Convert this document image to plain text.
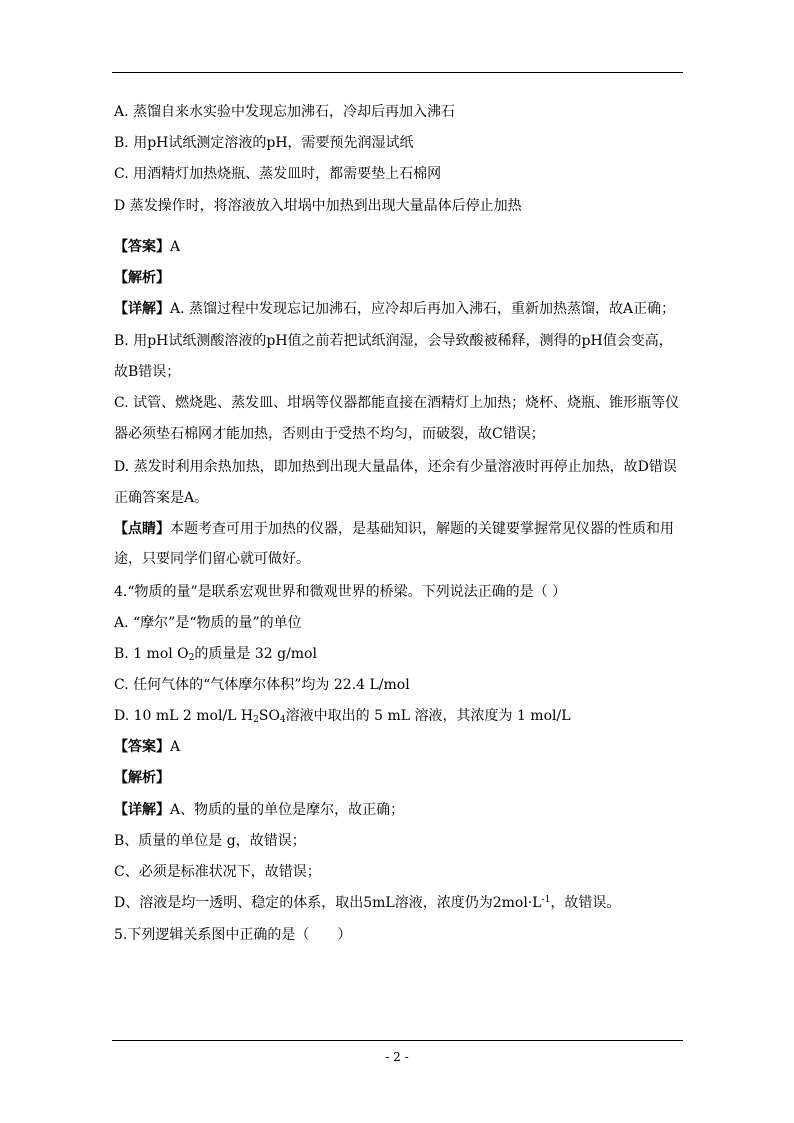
A. 蒸馏自来水实验中发现忘加沸石，冷却后再加入沸石
B. 用pH试纸测定溶液的pH，需要预先润湿试纸
C. 用酒精灯加热烧瓶、蒸发皿时，都需要垫上石棉网
D 蒸发操作时，将溶液放入坩埚中加热到出现大量晶体后停止加热
【答案】A
【解析】
【详解】A. 蒸馏过程中发现忘记加沸石，应冷却后再加入沸石，重新加热蒸馏，故A正确；
B. 用pH试纸测酸溶液的pH值之前若把试纸润湿，会导致酸被稀释，测得的pH值会变高，
故B错误；
C. 试管、燃烧匙、蒸发皿、坩埚等仪器都能直接在酒精灯上加热；烧杯、烧瓶、锥形瓶等仪
器必须垫石棉网才能加热，否则由于受热不均匀，而破裂，故C错误；
D. 蒸发时利用余热加热，即加热到出现大量晶体，还余有少量溶液时再停止加热，故D错误
正确答案是A。
【点睛】本题考查可用于加热的仪器，是基础知识，解题的关键要掌握常见仪器的性质和用
途，只要同学们留心就可做好。
4.“物质的量”是联系宏观世界和微观世界的桥梁。下列说法正确的是（ ）
A. “摩尔”是“物质的量”的单位
B. 1 mol $O_2$的质量是 32 g/mol
C. 任何气体的“气体摩尔体积”均为 22.4 L/mol
D. 10 mL 2 mol/L $H_2SO_4$溶液中取出的 5 mL 溶液，其浓度为 1 mol/L
【答案】A
【解析】
【详解】A、物质的量的单位是摩尔，故正确；
B、质量的单位是 g，故错误；
C、必须是标准状况下，故错误；
D、溶液是均一透明、稳定的体系，取出5mL溶液，浓度仍为$2mol\cdot L^{-1}$，故错误。
5.下列逻辑关系图中正确的是（　　）
- 2 -
